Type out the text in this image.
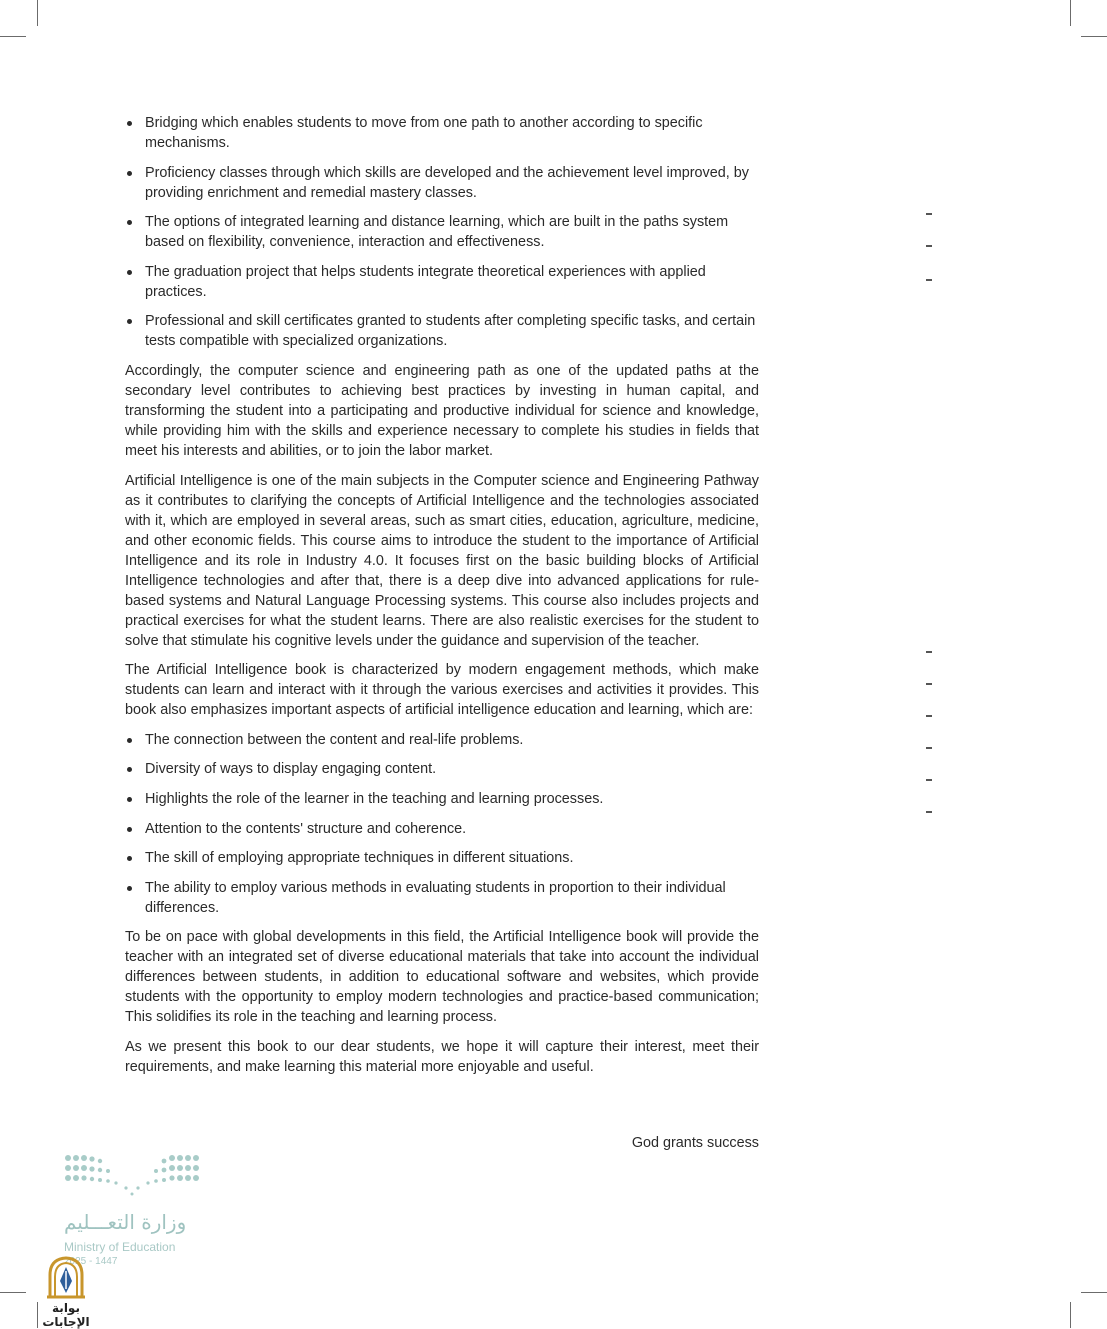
Bridging which enables students to move from one path to another according to specific mechanisms.
Proficiency classes through which skills are developed and the achievement level improved, by providing enrichment and remedial mastery classes.
The options of integrated learning and distance learning, which are built in the paths system based on flexibility, convenience, interaction and effectiveness.
The graduation project that helps students integrate theoretical experiences with applied practices.
Professional and skill certificates granted to students after completing specific tasks, and certain tests compatible with specialized organizations.

Accordingly, the computer science and engineering path as one of the updated paths at the secondary level contributes to achieving best practices by investing in human capital, and transforming the student into a participating and productive individual for science and knowledge, while providing him with the skills and experience necessary to complete his studies in fields that meet his interests and abilities, or to join the labor market.

Artificial Intelligence is one of the main subjects in the Computer science and Engineering Pathway as it contributes to clarifying the concepts of Artificial Intelligence and the technologies associated with it, which are employed in several areas, such as smart cities, education, agriculture, medicine, and other economic fields. This course aims to introduce the student to the importance of Artificial Intelligence and its role in Industry 4.0. It focuses first on the basic building blocks of Artificial Intelligence technologies and after that, there is a deep dive into advanced applications for rule-based systems and Natural Language Processing systems. This course also includes projects and practical exercises for what the student learns. There are also realistic exercises for the student to solve that stimulate his cognitive levels under the guidance and supervision of the teacher.

The Artificial Intelligence book is characterized by modern engagement methods, which make students can learn and interact with it through the various exercises and activities it provides. This book also emphasizes important aspects of artificial intelligence education and learning, which are:

The connection between the content and real-life problems.
Diversity of ways to display engaging content.
Highlights the role of the learner in the teaching and learning processes.
Attention to the contents' structure and coherence.
The skill of employing appropriate techniques in different situations.
The ability to employ various methods in evaluating students in proportion to their individual differences.

To be on pace with global developments in this field, the Artificial Intelligence book will provide the teacher with an integrated set of diverse educational materials that take into account the individual differences between students, in addition to educational software and websites, which provide students with the opportunity to employ modern technologies and practice-based communication; This solidifies its role in the teaching and learning process.

As we present this book to our dear students, we hope it will capture their interest, meet their requirements, and make learning this material more enjoyable and useful.

God grants success
وزارة التعـــليم
Ministry of Education
2025 - 1447
بوابة الإجابات
